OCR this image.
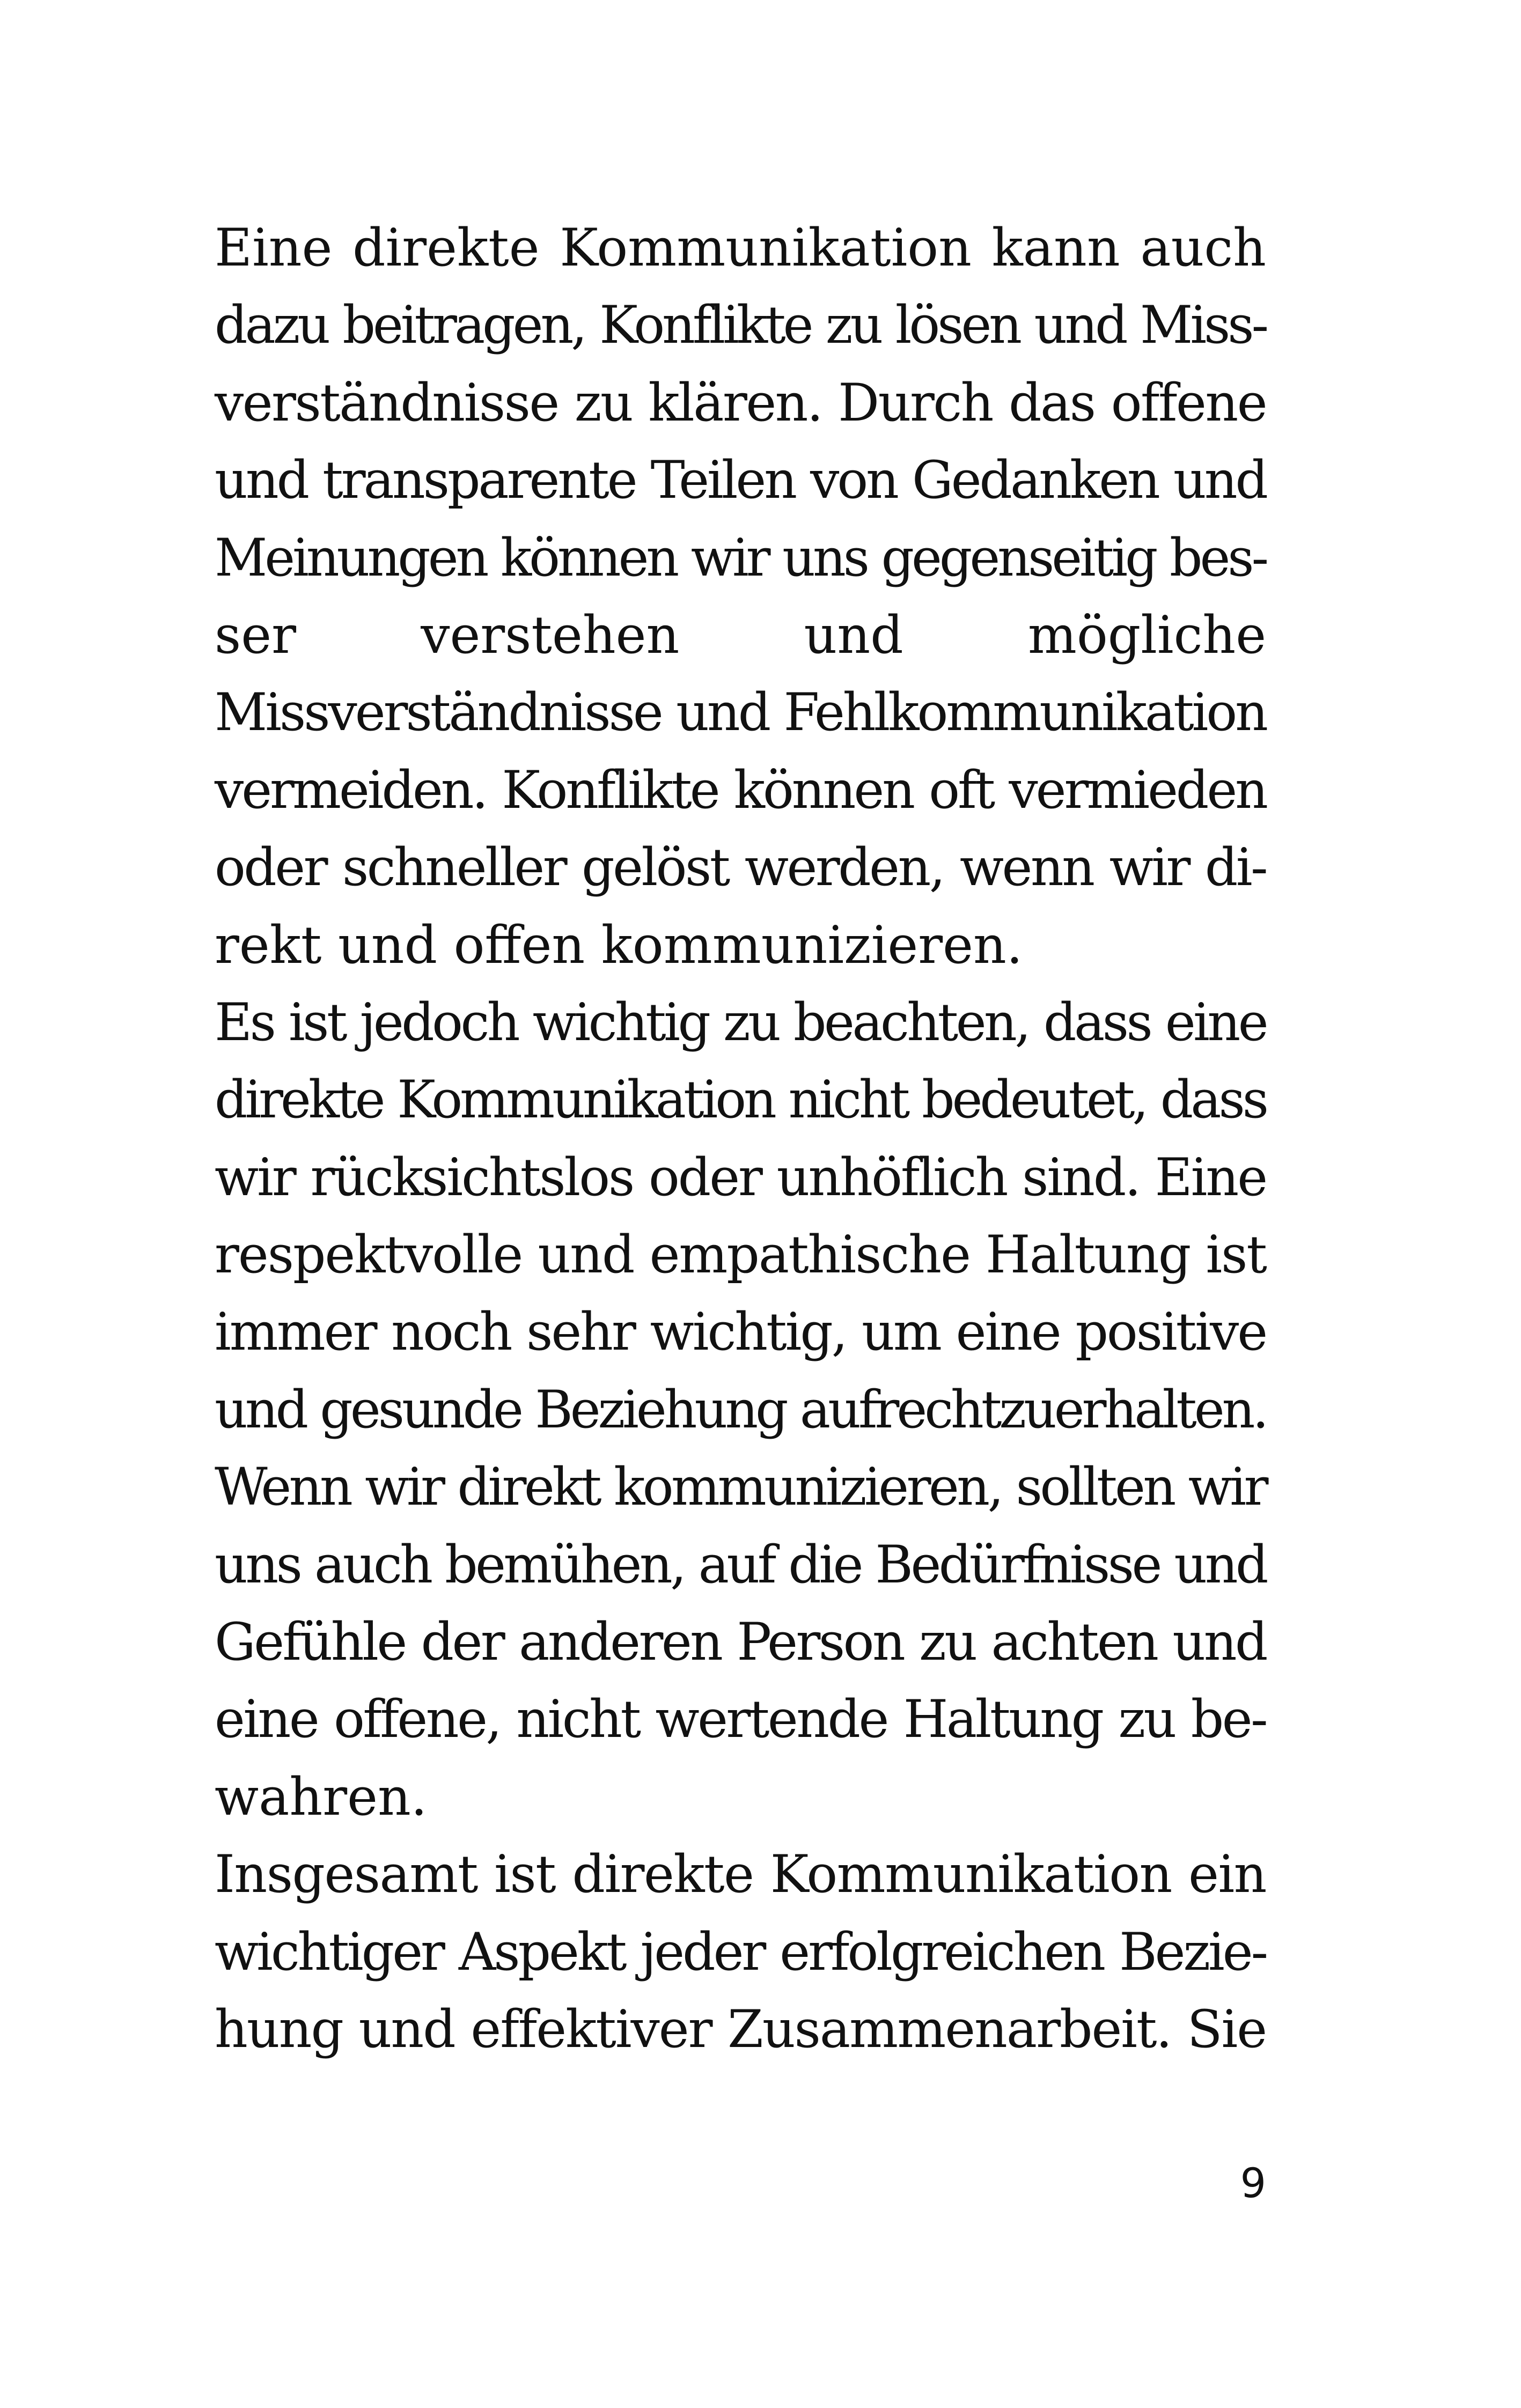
Eine direkte Kommunikation kann auch
dazu beitragen, Konflikte zu lösen und Miss-
verständnisse zu klären. Durch das offene
und transparente Teilen von Gedanken und
Meinungen können wir uns gegenseitig bes-
ser verstehen und mögliche
Missverständnisse und Fehlkommunikation
vermeiden. Konflikte können oft vermieden
oder schneller gelöst werden, wenn wir di-
rekt und offen kommunizieren.
Es ist jedoch wichtig zu beachten, dass eine
direkte Kommunikation nicht bedeutet, dass
wir rücksichtslos oder unhöflich sind. Eine
respektvolle und empathische Haltung ist
immer noch sehr wichtig, um eine positive
und gesunde Beziehung aufrechtzuerhalten.
Wenn wir direkt kommunizieren, sollten wir
uns auch bemühen, auf die Bedürfnisse und
Gefühle der anderen Person zu achten und
eine offene, nicht wertende Haltung zu be-
wahren.
Insgesamt ist direkte Kommunikation ein
wichtiger Aspekt jeder erfolgreichen Bezie-
hung und effektiver Zusammenarbeit. Sie
9
